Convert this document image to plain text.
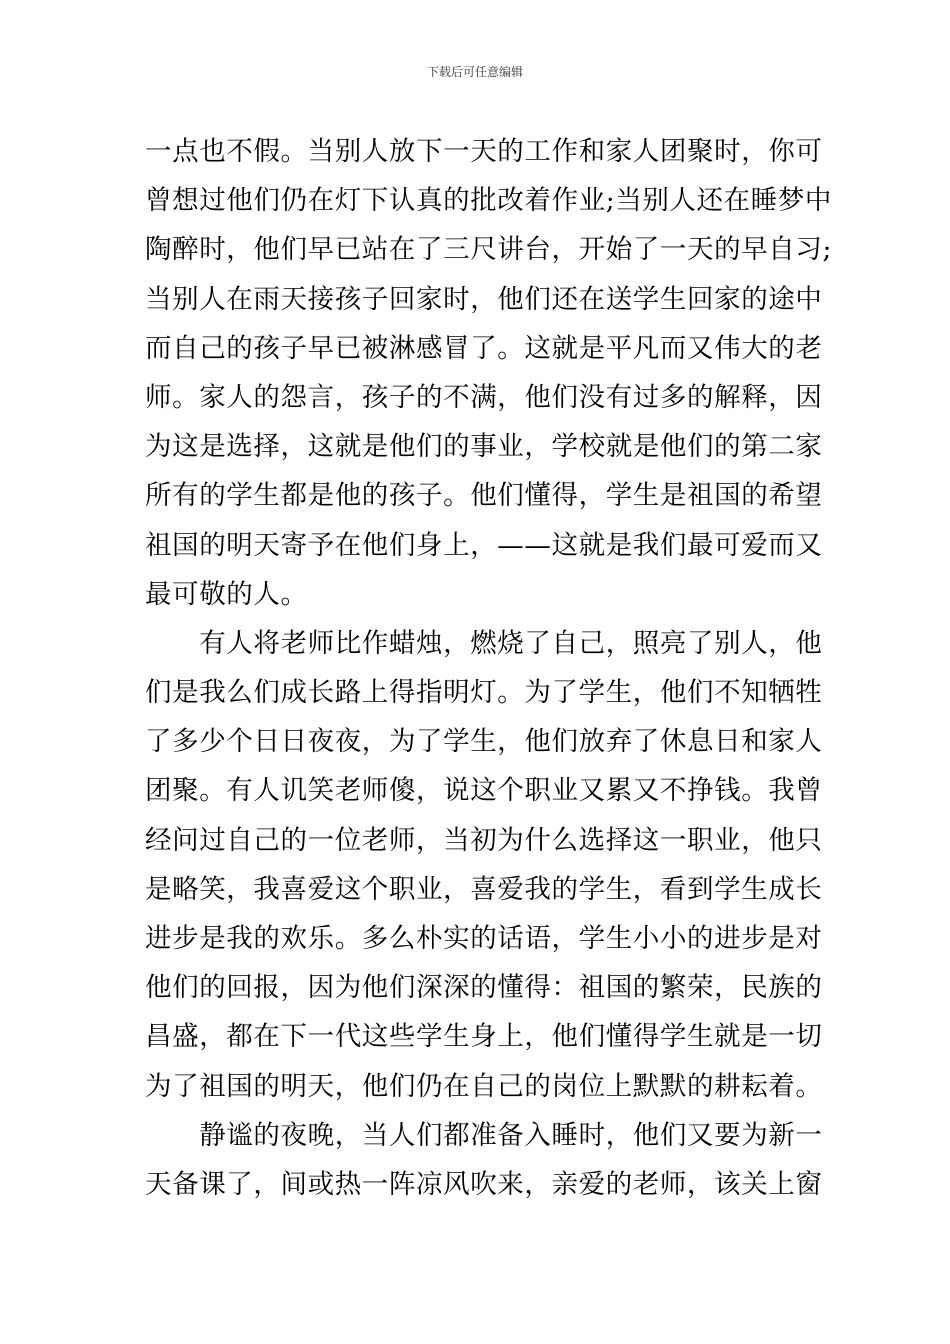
下载后可任意编辑
一点也不假。当别人放下一天的工作和家人团聚时，你可
曾想过他们仍在灯下认真的批改着作业;当别人还在睡梦中
陶醉时，他们早已站在了三尺讲台，开始了一天的早自习;
当别人在雨天接孩子回家时，他们还在送学生回家的途中
而自己的孩子早已被淋感冒了。这就是平凡而又伟大的老
师。家人的怨言，孩子的不满，他们没有过多的解释，因
为这是选择，这就是他们的事业，学校就是他们的第二家
所有的学生都是他的孩子。他们懂得，学生是祖国的希望
祖国的明天寄予在他们身上，——这就是我们最可爱而又
最可敬的人。
　　有人将老师比作蜡烛，燃烧了自己，照亮了别人，他
们是我么们成长路上得指明灯。为了学生，他们不知牺牲
了多少个日日夜夜，为了学生，他们放弃了休息日和家人
团聚。有人讥笑老师傻，说这个职业又累又不挣钱。我曾
经问过自己的一位老师，当初为什么选择这一职业，他只
是略笑，我喜爱这个职业，喜爱我的学生，看到学生成长
进步是我的欢乐。多么朴实的话语，学生小小的进步是对
他们的回报，因为他们深深的懂得：祖国的繁荣，民族的
昌盛，都在下一代这些学生身上，他们懂得学生就是一切
为了祖国的明天，他们仍在自己的岗位上默默的耕耘着。
　　静谧的夜晚，当人们都准备入睡时，他们又要为新一
天备课了，间或热一阵凉风吹来，亲爱的老师，该关上窗
